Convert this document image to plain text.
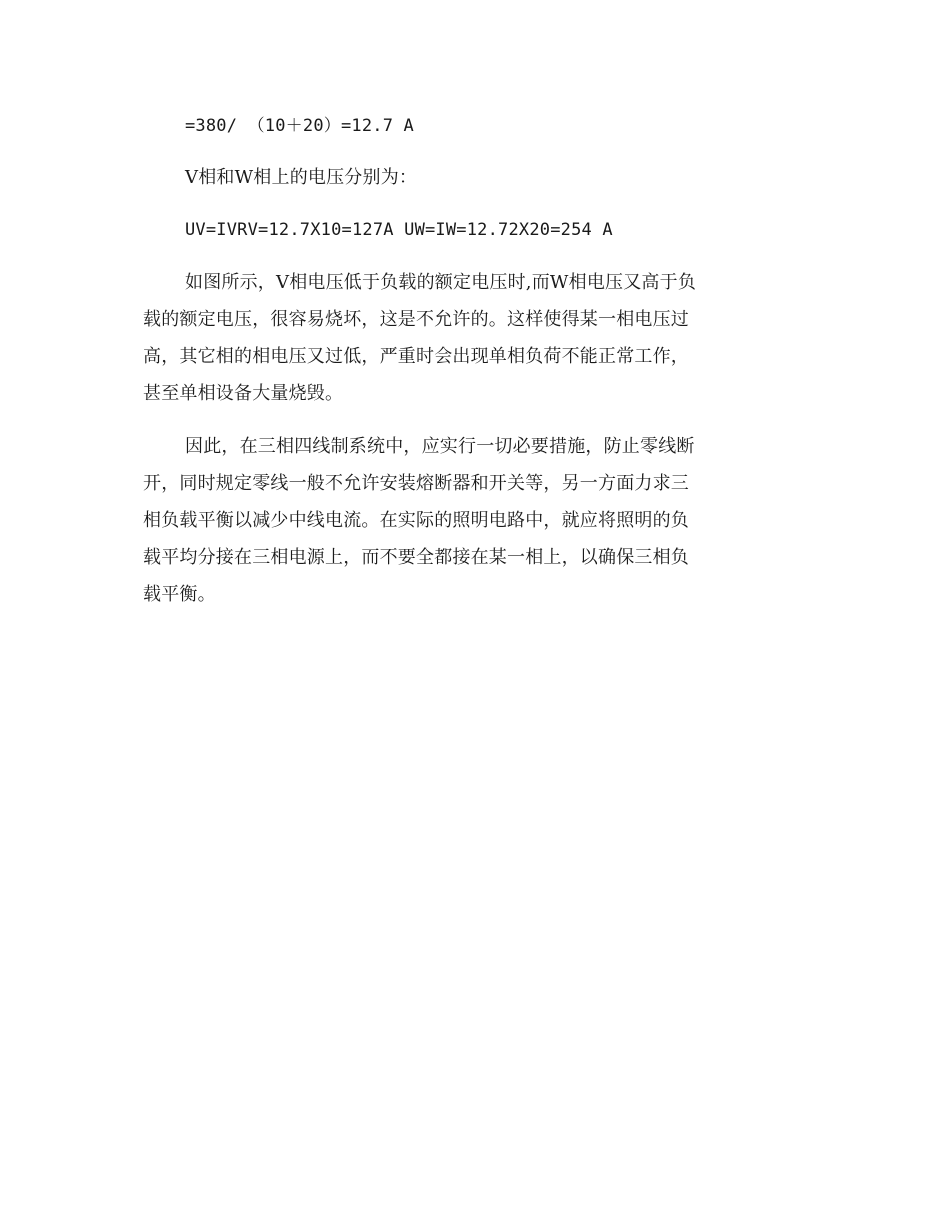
=380/ （10＋20）=12.7 A
V相和W相上的电压分别为：
UV=IVRV=12.7X10=127A UW=IW=12.72X20=254 A
如图所示，V相电压低于负载的额定电压时,而W相电压又高于负
载的额定电压，很容易烧坏，这是不允许的。这样使得某一相电压过
高，其它相的相电压又过低，严重时会出现单相负荷不能正常工作，
甚至单相设备大量烧毁。
因此，在三相四线制系统中，应实行一切必要措施，防止零线断
开，同时规定零线一般不允许安装熔断器和开关等，另一方面力求三
相负载平衡以减少中线电流。在实际的照明电路中，就应将照明的负
载平均分接在三相电源上，而不要全都接在某一相上，以确保三相负
载平衡。
